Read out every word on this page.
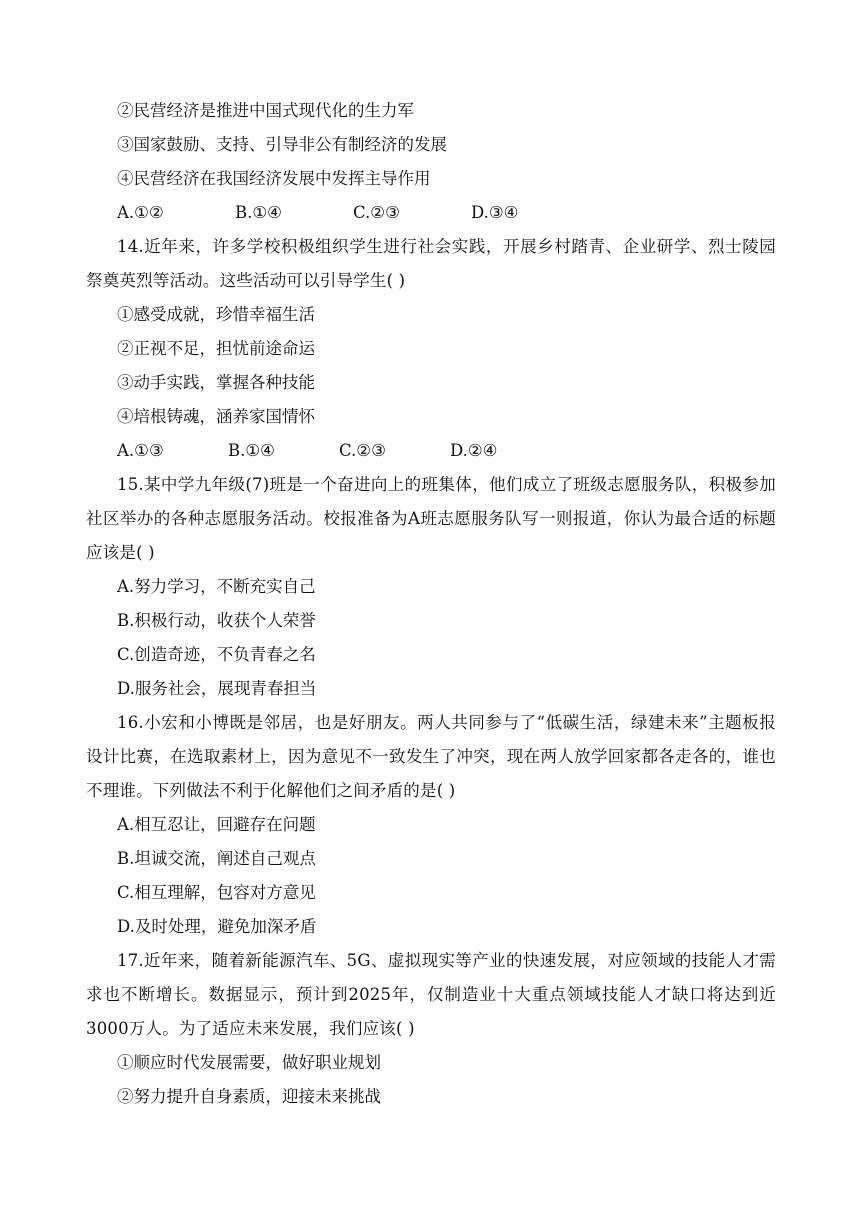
②民营经济是推进中国式现代化的生力军

③国家鼓励、支持、引导非公有制经济的发展

④民营经济在我国经济发展中发挥主导作用

A.①②	B.①④	C.②③	D.③④

14.近年来，许多学校积极组织学生进行社会实践，开展乡村踏青、企业研学、烈士陵园祭奠英烈等活动。这些活动可以引导学生( )

①感受成就，珍惜幸福生活

②正视不足，担忧前途命运

③动手实践，掌握各种技能

④培根铸魂，涵养家国情怀

A.①③	B.①④	C.②③	D.②④

15.某中学九年级(7)班是一个奋进向上的班集体，他们成立了班级志愿服务队，积极参加社区举办的各种志愿服务活动。校报准备为A班志愿服务队写一则报道，你认为最合适的标题应该是( )

A.努力学习，不断充实自己

B.积极行动，收获个人荣誉

C.创造奇迹，不负青春之名

D.服务社会，展现青春担当

16.小宏和小博既是邻居，也是好朋友。两人共同参与了“低碳生活，绿建未来”主题板报设计比赛，在选取素材上，因为意见不一致发生了冲突，现在两人放学回家都各走各的，谁也不理谁。下列做法不利于化解他们之间矛盾的是( )

A.相互忍让，回避存在问题

B.坦诚交流，阐述自己观点

C.相互理解，包容对方意见

D.及时处理，避免加深矛盾

17.近年来，随着新能源汽车、5G、虚拟现实等产业的快速发展，对应领域的技能人才需求也不断增长。数据显示，预计到2025年，仅制造业十大重点领域技能人才缺口将达到近3000万人。为了适应未来发展，我们应该( )

①顺应时代发展需要，做好职业规划

②努力提升自身素质，迎接未来挑战
